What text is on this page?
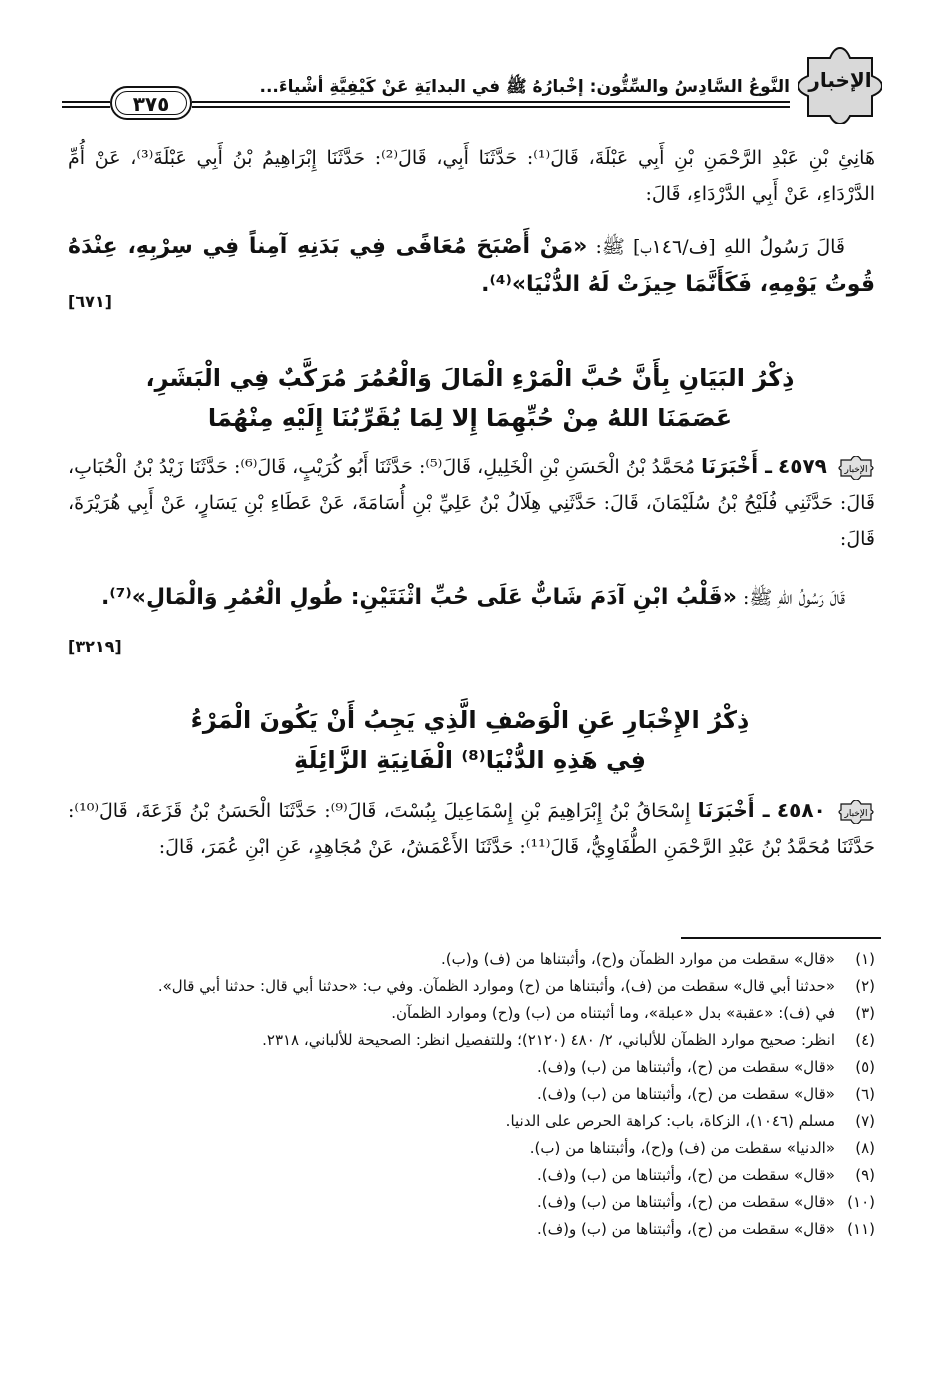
الإخبار
النَّوعُ السَّادِسُ والسِّتُّون: إخْبارُهُ ﷺ في البدايَةِ عَنْ كَيْفِيَّةِ أشْياءَ...
٣٧٥

هَانِئِ بْنِ عَبْدِ الرَّحْمَنِ بْنِ أَبِي عَبْلَةَ، قَالَ⁽¹⁾: حَدَّثَنَا أَبِي، قَالَ⁽²⁾: حَدَّثَنَا إِبْرَاهِيمُ بْنُ أَبِي عَبْلَةَ⁽³⁾، عَنْ أُمِّ الدَّرْدَاءِ، عَنْ أَبِي الدَّرْدَاءِ، قَالَ:

قَالَ رَسُولُ اللهِ [ف/١٤٦ب] ﷺ: «مَنْ أَصْبَحَ مُعَافًى فِي بَدَنِهِ آمِناً فِي سِرْبِهِ، عِنْدَهُ قُوتُ يَوْمِهِ، فَكَأَنَّمَا حِيزَتْ لَهُ الدُّنْيَا»⁽⁴⁾.

[٦٧١]
ذِكْرُ البَيَانِ بِأَنَّ حُبَّ الْمَرْءِ الْمَالَ وَالْعُمُرَ مُرَكَّبٌ فِي الْبَشَرِ،
عَصَمَنَا اللهُ مِنْ حُبِّهِمَا إِلا لِمَا يُقَرِّبُنَا إِلَيْهِ مِنْهُمَا

الإخبار
٤٥٧٩ ـ أَخْبَرَنَا مُحَمَّدُ بْنُ الْحَسَنِ بْنِ الْخَلِيلِ، قَالَ⁽⁵⁾: حَدَّثَنَا أَبُو كُرَيْبٍ، قَالَ⁽⁶⁾: حَدَّثَنَا زَيْدُ بْنُ الْحُبَابِ، قَالَ: حَدَّثَنِي فُلَيْحُ بْنُ سُلَيْمَانَ، قَالَ: حَدَّثَنِي هِلَالُ بْنُ عَلِيِّ بْنِ أُسَامَةَ، عَنْ عَطَاءِ بْنِ يَسَارٍ، عَنْ أَبِي هُرَيْرَةَ، قَالَ:

قَالَ رَسُولُ اللهِ ﷺ: «قَلْبُ ابْنِ آدَمَ شَابٌّ عَلَى حُبِّ اثْنَتَيْنِ: طُولِ الْعُمُرِ وَالْمَالِ»⁽⁷⁾.

[٣٢١٩]
ذِكْرُ الإِخْبَارِ عَنِ الْوَصْفِ الَّذِي يَجِبُ أَنْ يَكُونَ الْمَرْءُ
فِي هَذِهِ الدُّنْيَا⁽⁸⁾ الْفَانِيَةِ الزَّائِلَةِ

الإخبار
٤٥٨٠ ـ أَخْبَرَنَا إِسْحَاقُ بْنُ إِبْرَاهِيمَ بْنِ إِسْمَاعِيلَ بِبُسْتَ، قَالَ⁽⁹⁾: حَدَّثَنَا الْحَسَنُ بْنُ قَزَعَةَ، قَالَ⁽¹⁰⁾: حَدَّثَنَا مُحَمَّدُ بْنُ عَبْدِ الرَّحْمَنِ الطُّفَاوِيُّ، قَالَ⁽¹¹⁾: حَدَّثَنَا الأَعْمَشُ، عَنْ مُجَاهِدٍ، عَنِ ابْنِ عُمَرَ، قَالَ:

(١)
«قال» سقطت من موارد الظمآن و(ح)، وأثبتناها من (ف) و(ب).
(٢)
«حدثنا أبي قال» سقطت من (ف)، وأثبتناها من (ح) وموارد الظمآن. وفي ب: «حدثنا أبي قال: حدثنا أبي قال».
(٣)
في (ف): «عقبة» بدل «عبلة»، وما أثبتناه من (ب) و(ح) وموارد الظمآن.
(٤)
انظر: صحيح موارد الظمآن للألباني، ٢/ ٤٨٠ (٢١٢٠)؛ وللتفصيل انظر: الصحيحة للألباني، ٢٣١٨.
(٥)
«قال» سقطت من (ح)، وأثبتناها من (ب) و(ف).
(٦)
«قال» سقطت من (ح)، وأثبتناها من (ب) و(ف).
(٧)
مسلم (١٠٤٦)، الزكاة، باب: كراهة الحرص على الدنيا.
(٨)
«الدنيا» سقطت من (ف) و(ح)، وأثبتناها من (ب).
(٩)
«قال» سقطت من (ح)، وأثبتناها من (ب) و(ف).
(١٠)
«قال» سقطت من (ح)، وأثبتناها من (ب) و(ف).
(١١)
«قال» سقطت من (ح)، وأثبتناها من (ب) و(ف).
